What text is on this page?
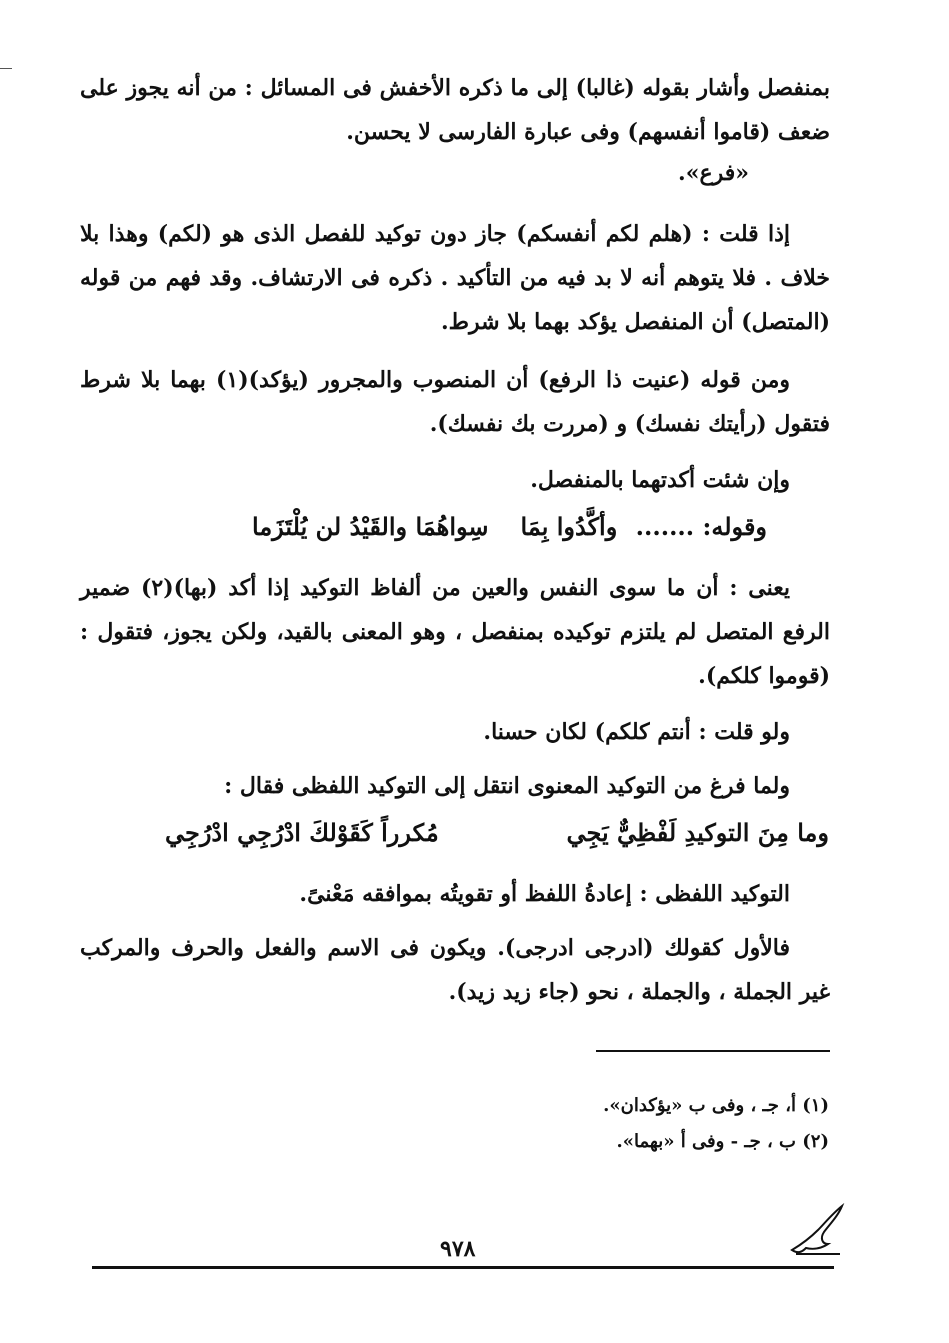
بمنفصل وأشار بقوله (غالبا) إلى ما ذكره الأخفش فى المسائل : من أنه يجوز على ضعف (قاموا أنفسهم) وفى عبارة الفارسى لا يحسن.

«فرع».

إذا قلت : (هلم لكم أنفسكم) جاز دون توكيد للفصل الذى هو (لكم) وهذا بلا خلاف . فلا يتوهم أنه لا بد فيه من التأكيد . ذكره فى الارتشاف. وقد فهم من قوله (المتصل) أن المنفصل يؤكد بهما بلا شرط.

ومن قوله (عنيت ذا الرفع) أن المنصوب والمجرور (يؤكد)(١) بهما بلا شرط فتقول (رأيتك نفسك) و (مررت بك نفسك).

وإن شئت أكدتهما بالمنفصل.

وقوله: ....... وأكَّدُوا بِمَا
سِواهُمَا والقَيْدُ لن يُلْتَزَما

يعنى : أن ما سوى النفس والعين من ألفاظ التوكيد إذا أكد (بها)(٢) ضمير الرفع المتصل لم يلتزم توكيده بمنفصل ، وهو المعنى بالقيد، ولكن يجوز، فتقول : (قوموا كلكم).

ولو قلت : أنتم كلكم) لكان حسنا.

ولما فرغ من التوكيد المعنوى انتقل إلى التوكيد اللفظى فقال :

وما مِنَ التوكيدِ لَفْظِيٌّ يَجِي
مُكرراً كَقَوْلكَ ادْرُجِي ادْرُجِي

التوكيد اللفظى : إعادةُ اللفظ أو تقويتُه بموافقه مَعْنىً.

فالأول كقولك (ادرجى ادرجى). ويكون فى الاسم والفعل والحرف والمركب غير الجملة ، والجملة ، نحو (جاء زيد زيد).

(١) أ، جـ ، وفى ب «يؤكدان».
(٢) ب ، جـ - وفى أ «بهما».
٩٧٨
